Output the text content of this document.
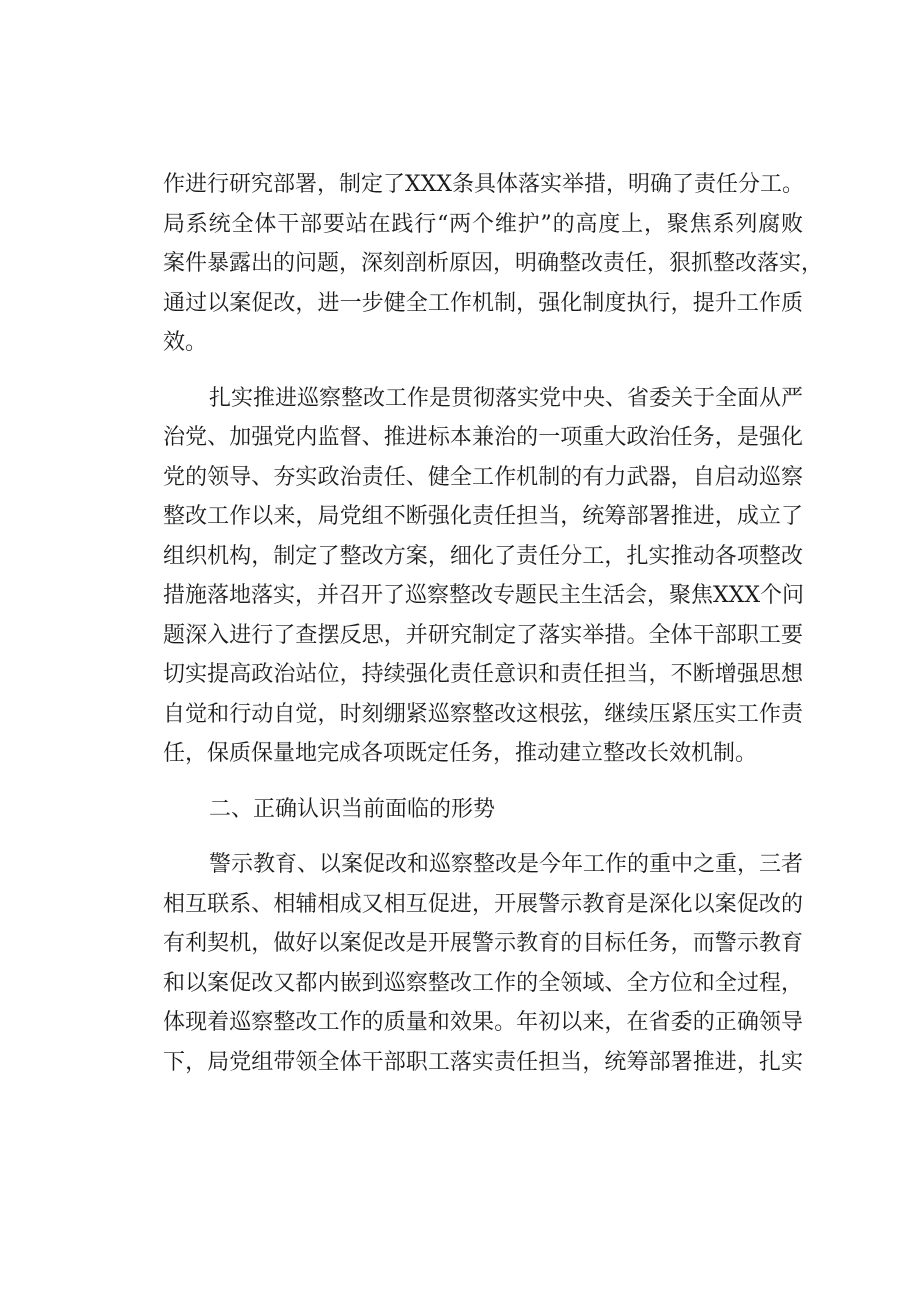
作进行研究部署，制定了XXX条具体落实举措，明确了责任分工。
局系统全体干部要站在践行“两个维护”的高度上，聚焦系列腐败
案件暴露出的问题，深刻剖析原因，明确整改责任，狠抓整改落实，
通过以案促改，进一步健全工作机制，强化制度执行，提升工作质
效。
扎实推进巡察整改工作是贯彻落实党中央、省委关于全面从严
治党、加强党内监督、推进标本兼治的一项重大政治任务，是强化
党的领导、夯实政治责任、健全工作机制的有力武器，自启动巡察
整改工作以来，局党组不断强化责任担当，统筹部署推进，成立了
组织机构，制定了整改方案，细化了责任分工，扎实推动各项整改
措施落地落实，并召开了巡察整改专题民主生活会，聚焦XXX个问
题深入进行了查摆反思，并研究制定了落实举措。全体干部职工要
切实提高政治站位，持续强化责任意识和责任担当，不断增强思想
自觉和行动自觉，时刻绷紧巡察整改这根弦，继续压紧压实工作责
任，保质保量地完成各项既定任务，推动建立整改长效机制。
二、正确认识当前面临的形势
警示教育、以案促改和巡察整改是今年工作的重中之重，三者
相互联系、相辅相成又相互促进，开展警示教育是深化以案促改的
有利契机，做好以案促改是开展警示教育的目标任务，而警示教育
和以案促改又都内嵌到巡察整改工作的全领域、全方位和全过程，
体现着巡察整改工作的质量和效果。年初以来，在省委的正确领导
下，局党组带领全体干部职工落实责任担当，统筹部署推进，扎实
